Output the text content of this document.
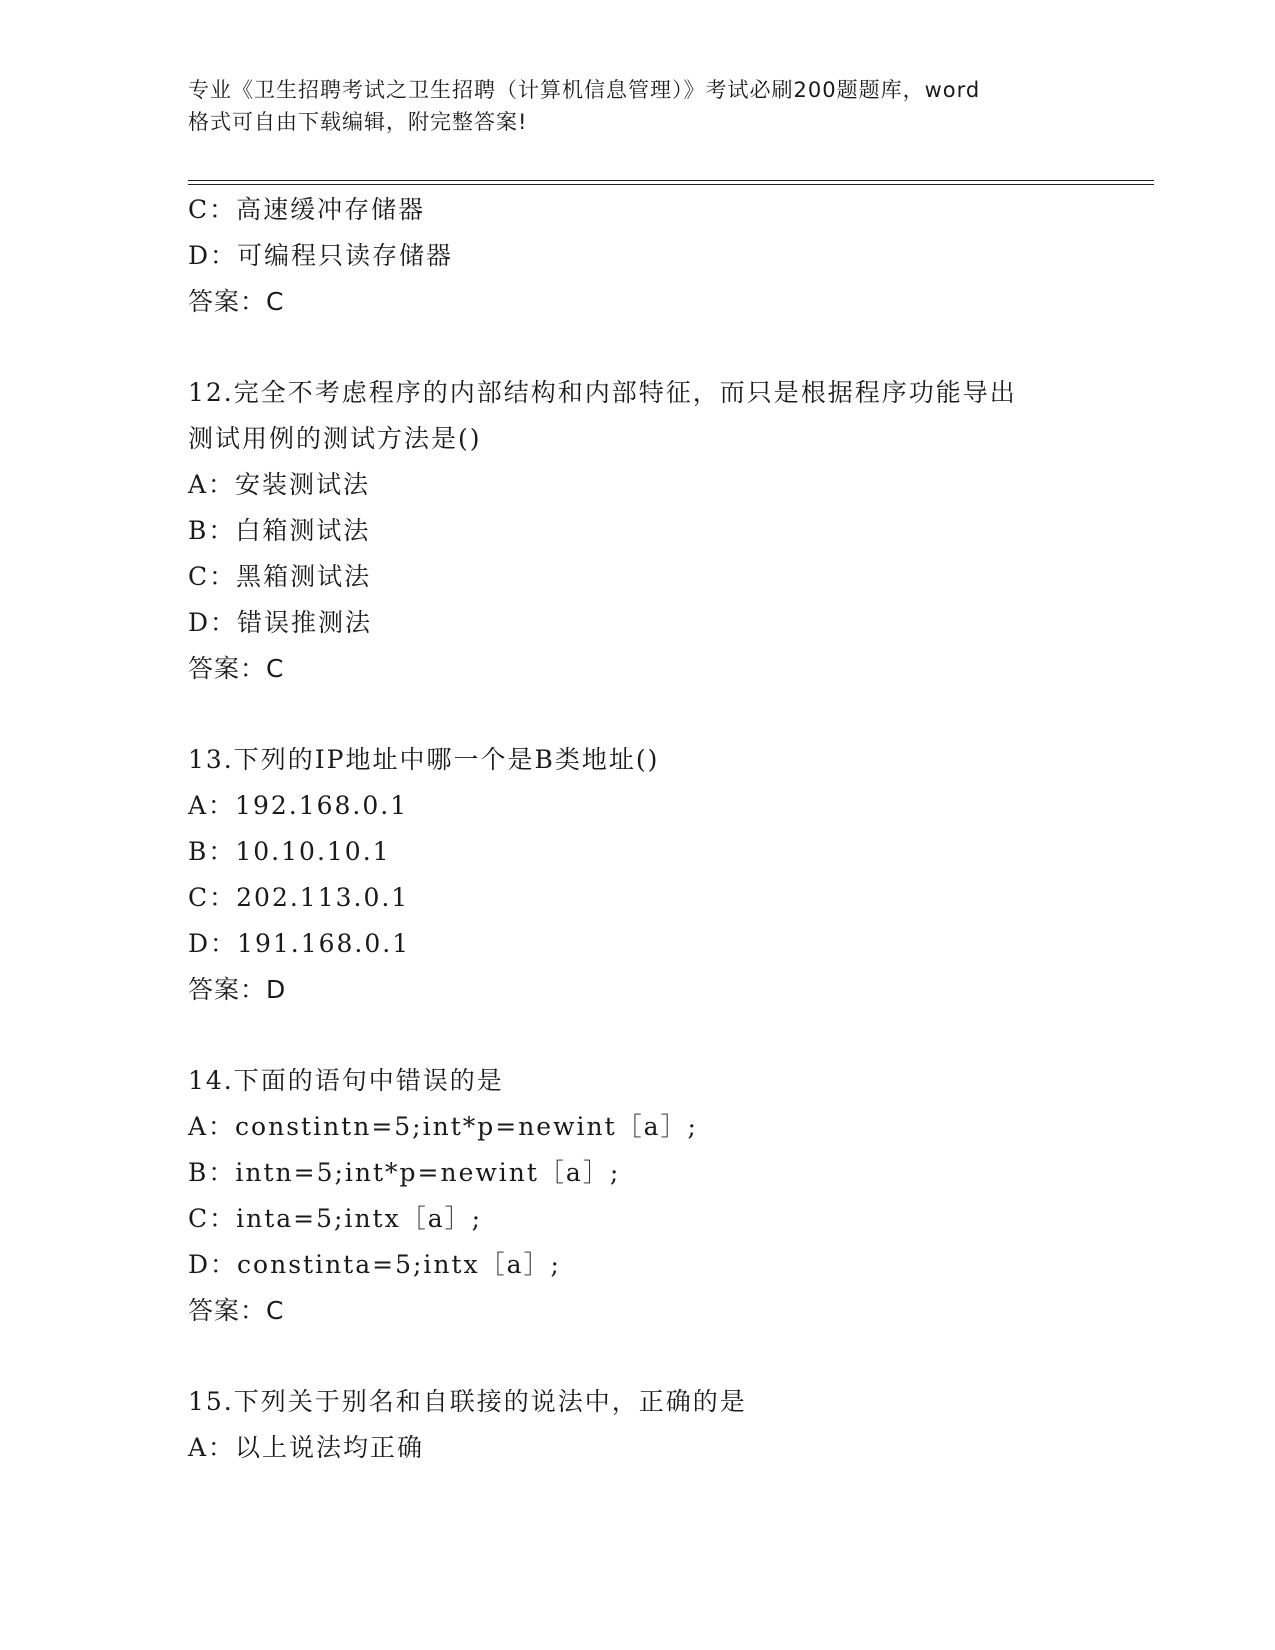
专业《卫生招聘考试之卫生招聘（计算机信息管理）》考试必刷200题题库，word
格式可自由下载编辑，附完整答案!
C：高速缓冲存储器
D：可编程只读存储器
答案：C
12.完全不考虑程序的内部结构和内部特征，而只是根据程序功能导出
测试用例的测试方法是()
A：安装测试法
B：白箱测试法
C：黑箱测试法
D：错误推测法
答案：C
13.下列的IP地址中哪一个是B类地址()
A：192.168.0.1
B：10.10.10.1
C：202.113.0.1
D：191.168.0.1
答案：D
14.下面的语句中错误的是
A：constintn=5;int*p=newint［a］;
B：intn=5;int*p=newint［a］;
C：inta=5;intx［a］;
D：constinta=5;intx［a］;
答案：C
15.下列关于别名和自联接的说法中，正确的是
A：以上说法均正确
